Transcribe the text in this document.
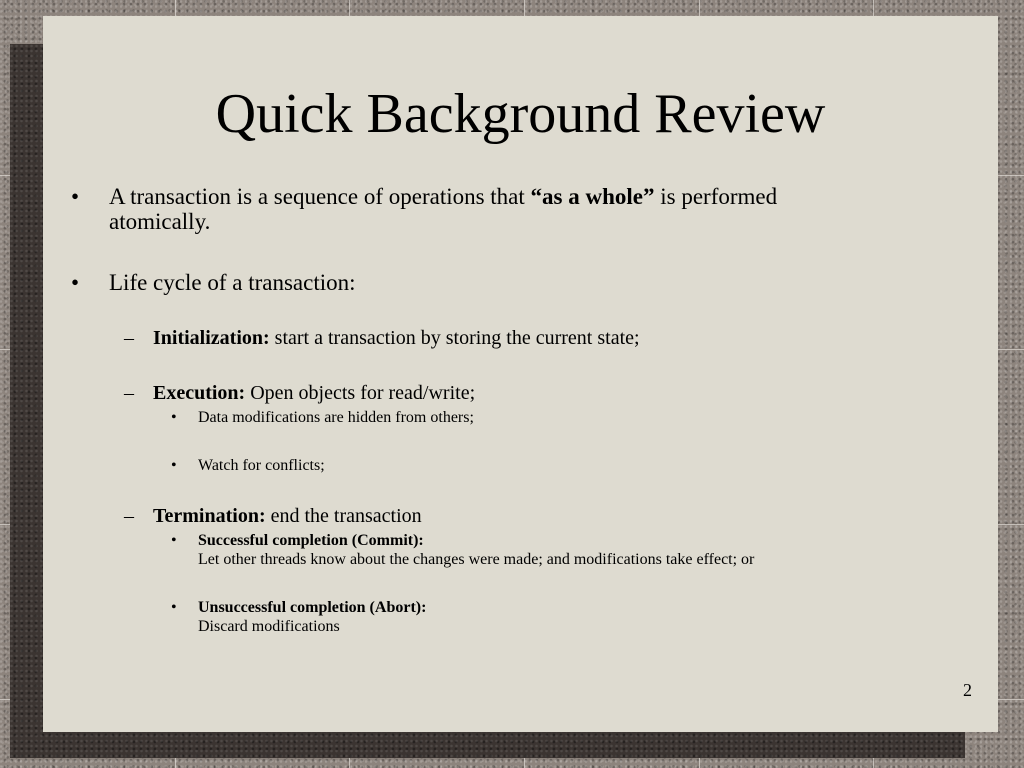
Quick Background Review
• A transaction is a sequence of operations that “as a whole” is performed

atomically.

• Life cycle of a transaction:

– Initialization: start a transaction by storing the current state;

– Execution: Open objects for read/write;

• Data modifications are hidden from others;

• Watch for conflicts;

– Termination: end the transaction

• Successful completion (Commit):

Let other threads know about the changes were made; and modifications take effect; or

• Unsuccessful completion (Abort):

Discard modifications

2
